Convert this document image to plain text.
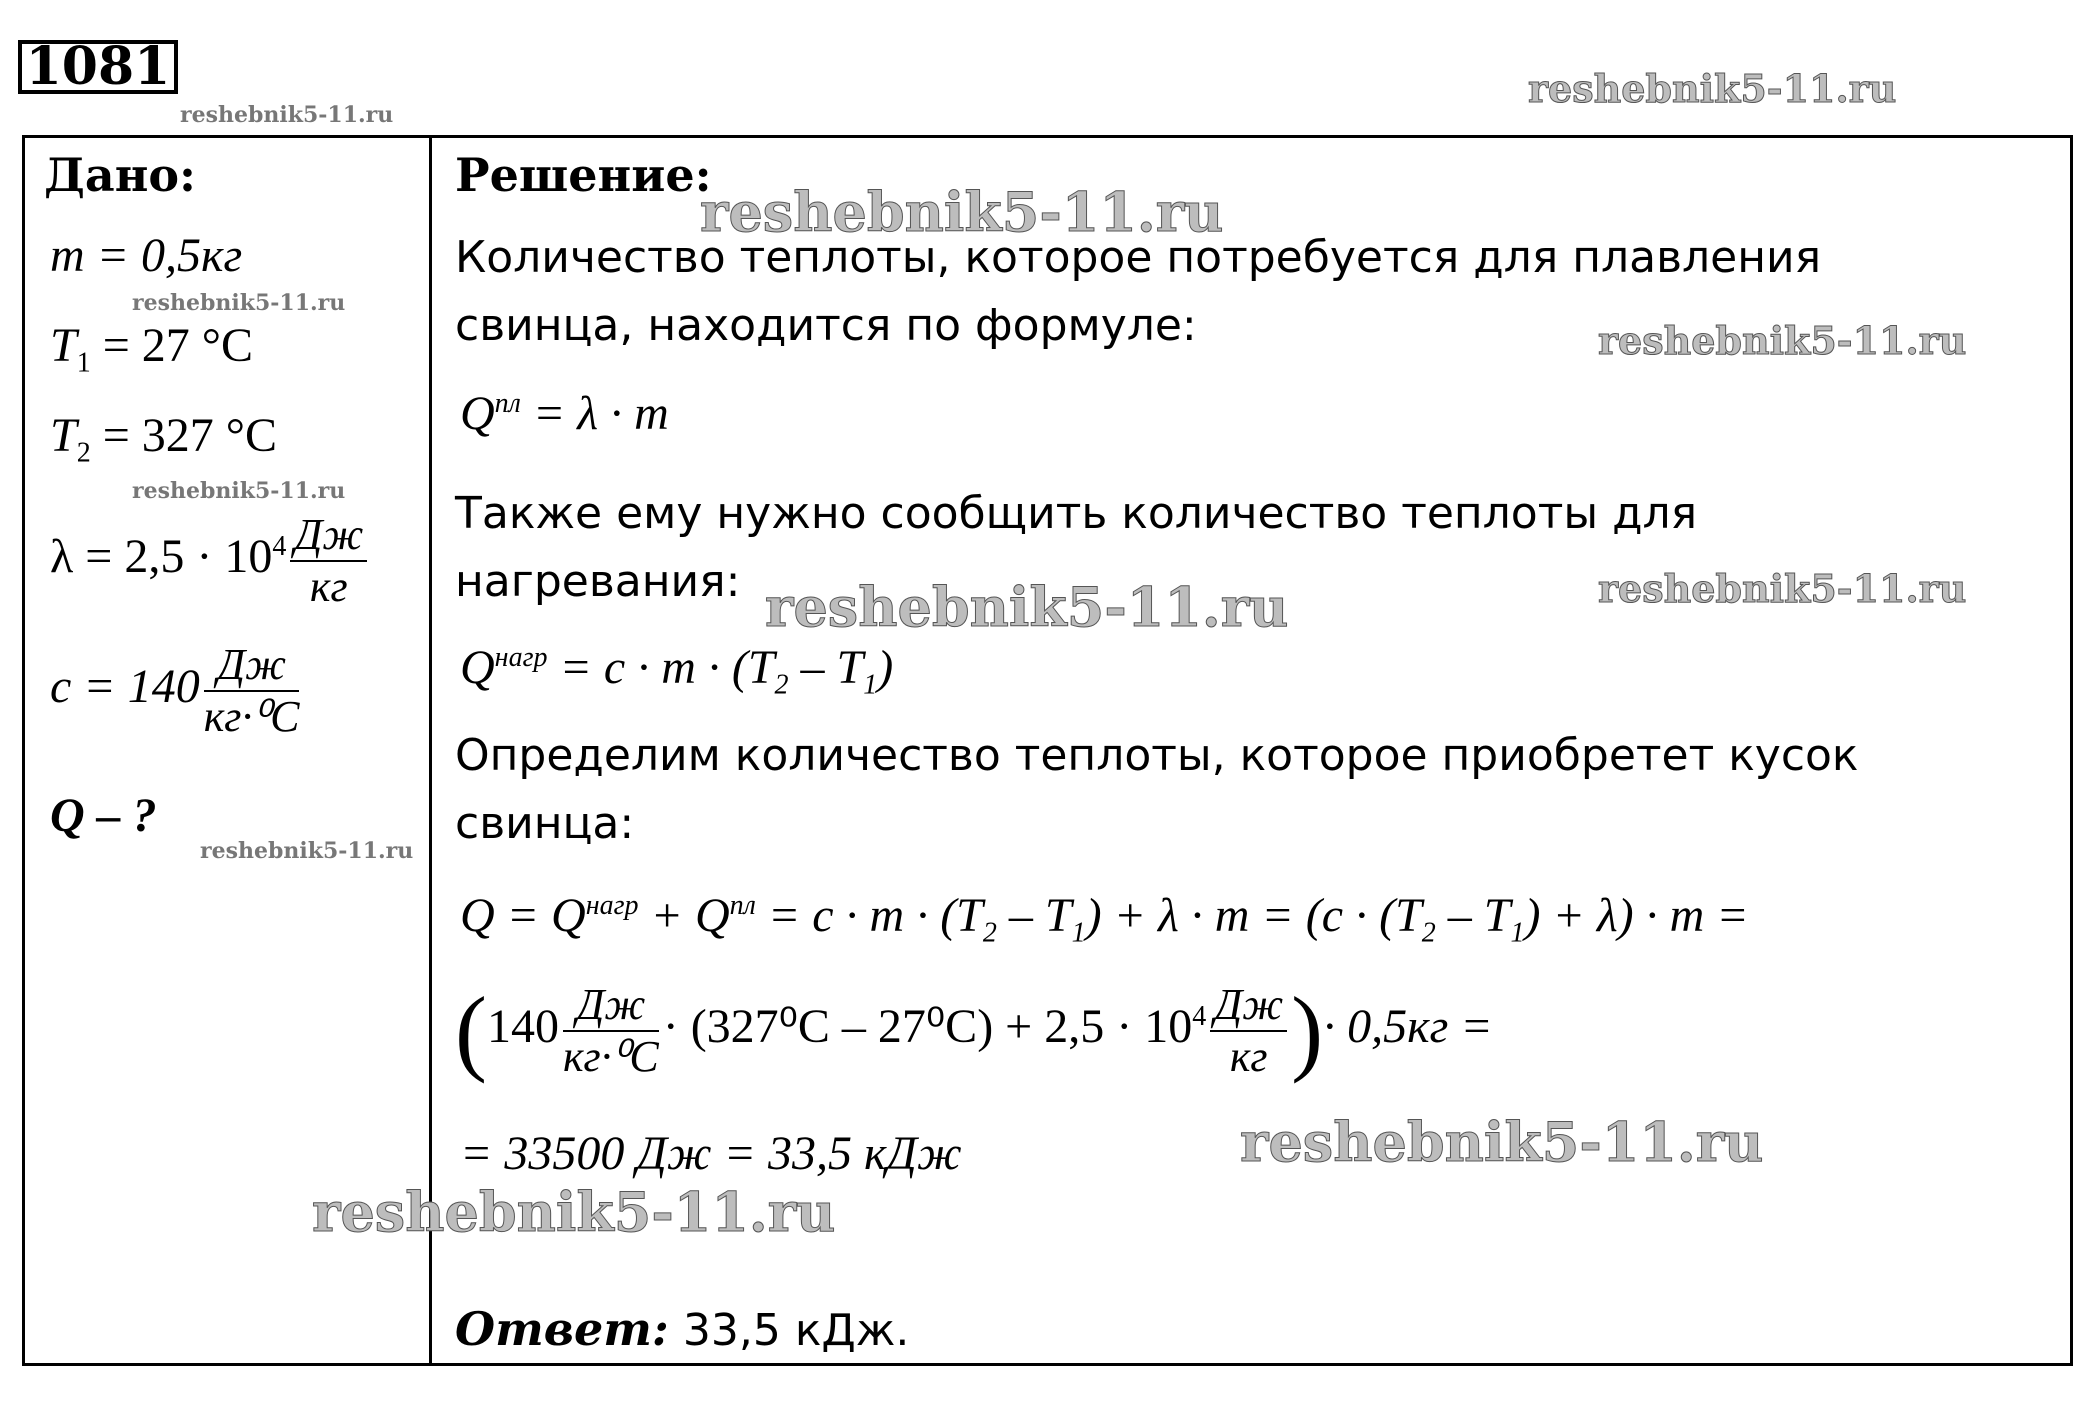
1081
reshebnik5-11.ru
reshebnik5-11.ru
Дано:
m = 0,5кг
reshebnik5-11.ru
$T_1 = 27$ °C
$T_2 = 327$ °C
reshebnik5-11.ru
$\lambda = 2,5 \cdot 10^4 \frac{Дж}{кг}$
$c = 140 \frac{Дж}{\text{кг·⁰C}}$
Q – ?
reshebnik5-11.ru
Решение:
reshebnik5-11.ru
Количество теплоты, которое потребуется для плавления
свинца, находится по формуле:	reshebnik5-11.ru
$Q^{пл} = \lambda \cdot m$
Также ему нужно сообщить количество теплоты для
нагревания: reshebnik5-11.ru	reshebnik5-11.ru
$Q^{нагр} = c \cdot m \cdot (T_2 - T_1)$
Определим количество теплоты, которое приобретет кусок
свинца:
$Q = Q^{нагр} + Q^{пл} = c \cdot m \cdot (T_2 - T_1) + \lambda \cdot m = (c \cdot (T_2 - T_1) + \lambda) \cdot m$ =
($140 \frac{Дж}{\text{кг·⁰C}} \cdot (327^0C - 27^0C) + 2,5 \cdot 10^4 \frac{Дж}{кг}$ )· 0,5кг =
reshebnik5-11.ru
= 33500 Дж = 33,5 кДж
reshebnik5-11.ru
Ответ: 33,5 кДж.
